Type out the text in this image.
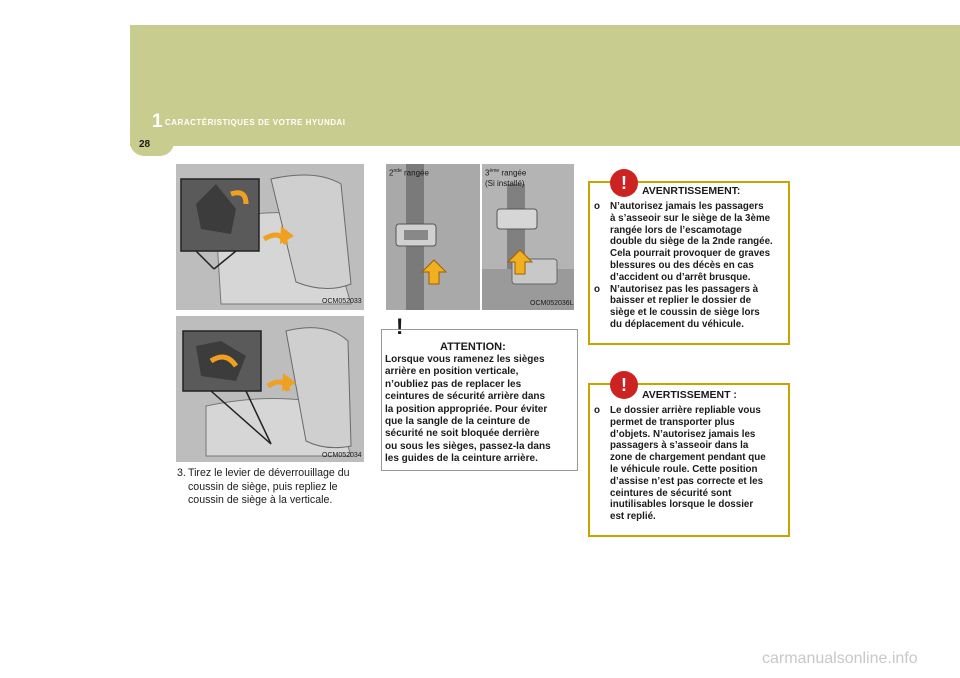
1 CARACTÉRISTIQUES DE VOTRE HYUNDAI
28
OCM052033
OCM052034
3. Tirez le levier de déverrouillage du
coussin de siège, puis repliez le
coussin de siège à la verticale.
OCM052036L
2nde rangée	3ème rangée
(Si installé)
!
ATTENTION:
Lorsque vous ramenez les sièges
arrière en position verticale,
n’oubliez pas de replacer les
ceintures de sécurité arrière dans
la position appropriée. Pour éviter
que la sangle de la ceinture de
sécurité ne soit bloquée derrière
ou sous les sièges, passez-la dans
les guides de la ceinture arrière.
!	AVENRTISSEMENT:
o N’autorisez jamais les passagers
à s’asseoir sur le siège de la 3ème
rangée lors de l’escamotage
double du siège de la 2nde rangée.
Cela pourrait provoquer de graves
blessures ou des décès en cas
d’accident ou d’arrêt brusque.
o N’autorisez pas les passagers à
baisser et replier le dossier de
siège et le coussin de siège lors
du déplacement du véhicule.
!	AVERTISSEMENT :
o Le dossier arrière repliable vous
permet de transporter plus
d’objets. N’autorisez jamais les
passagers à s’asseoir dans la
zone de chargement pendant que
le véhicule roule. Cette position
d’assise n’est pas correcte et les
ceintures de sécurité sont
inutilisables lorsque le dossier
est replié.
carmanualsonline.info
